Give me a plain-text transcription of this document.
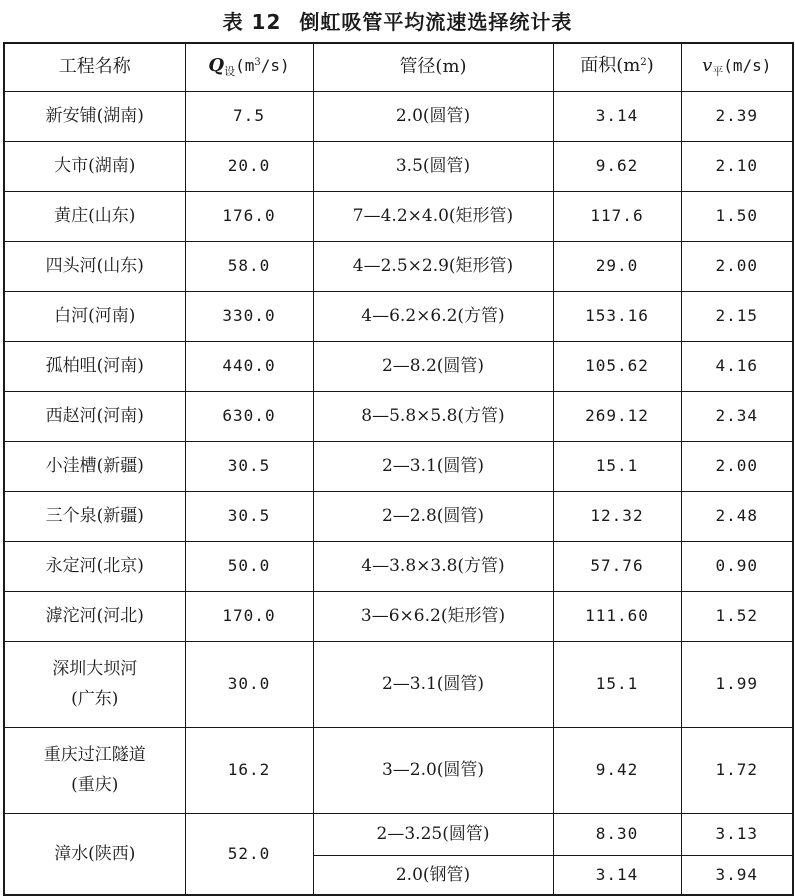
表 12 倒虹吸管平均流速选择统计表
工程名称	$Q_设(m^3/s)$	管径(m)	面积$(m^2)$	$v_平(m/s)$
新安铺(湖南)	7.5	2.0(圆管)	3.14	2.39
大市(湖南)	20.0	3.5(圆管)	9.62	2.10
黄庄(山东)	176.0	7—4.2×4.0(矩形管)	117.6	1.50
四头河(山东)	58.0	4—2.5×2.9(矩形管)	29.0	2.00
白河(河南)	330.0	4—6.2×6.2(方管)	153.16	2.15
孤柏咀(河南)	440.0	2—8.2(圆管)	105.62	4.16
西赵河(河南)	630.0	8—5.8×5.8(方管)	269.12	2.34
小洼槽(新疆)	30.5	2—3.1(圆管)	15.1	2.00
三个泉(新疆)	30.5	2—2.8(圆管)	12.32	2.48
永定河(北京)	50.0	4—3.8×3.8(方管)	57.76	0.90
滹沱河(河北)	170.0	3—6×6.2(矩形管)	111.60	1.52
深圳大坝河
(广东)	30.0	2—3.1(圆管)	15.1	1.99
重庆过江隧道
(重庆)	16.2	3—2.0(圆管)	9.42	1.72
漳水(陕西)	52.0	2—3.25(圆管)	8.30	3.13
		2.0(钢管)	3.14	3.94
